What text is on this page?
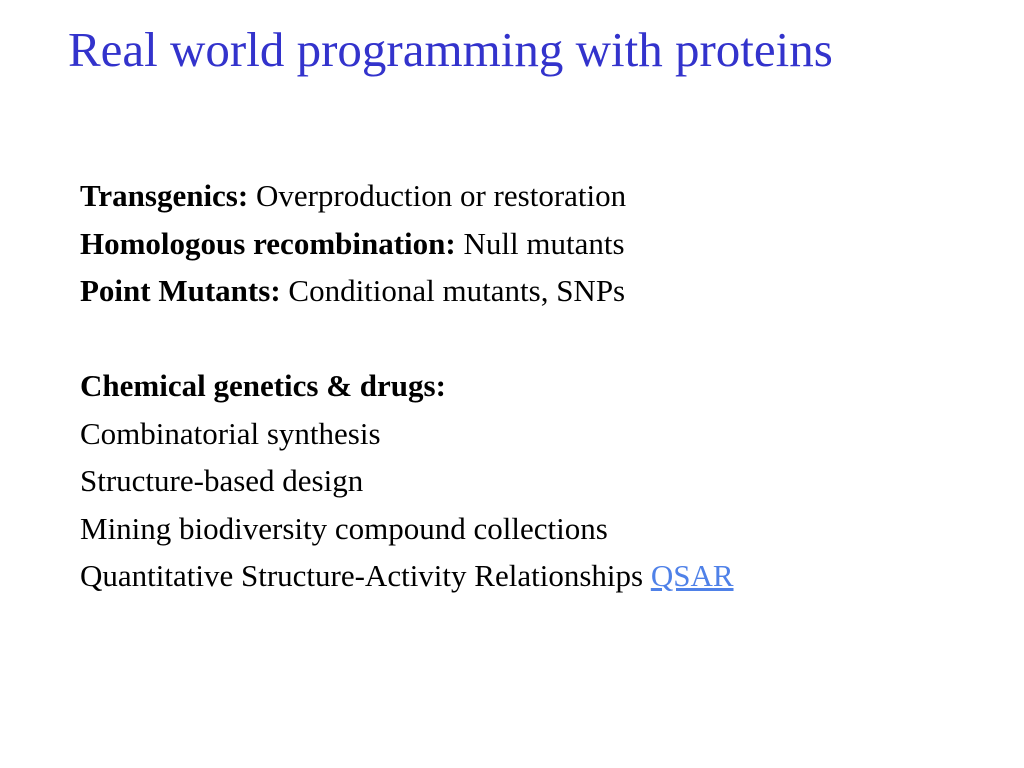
Real world programming with proteins
Transgenics: Overproduction or restoration
Homologous recombination: Null mutants
Point Mutants: Conditional mutants, SNPs
Chemical genetics & drugs:
Combinatorial synthesis
Structure-based design
Mining biodiversity compound collections
Quantitative Structure-Activity Relationships QSAR
